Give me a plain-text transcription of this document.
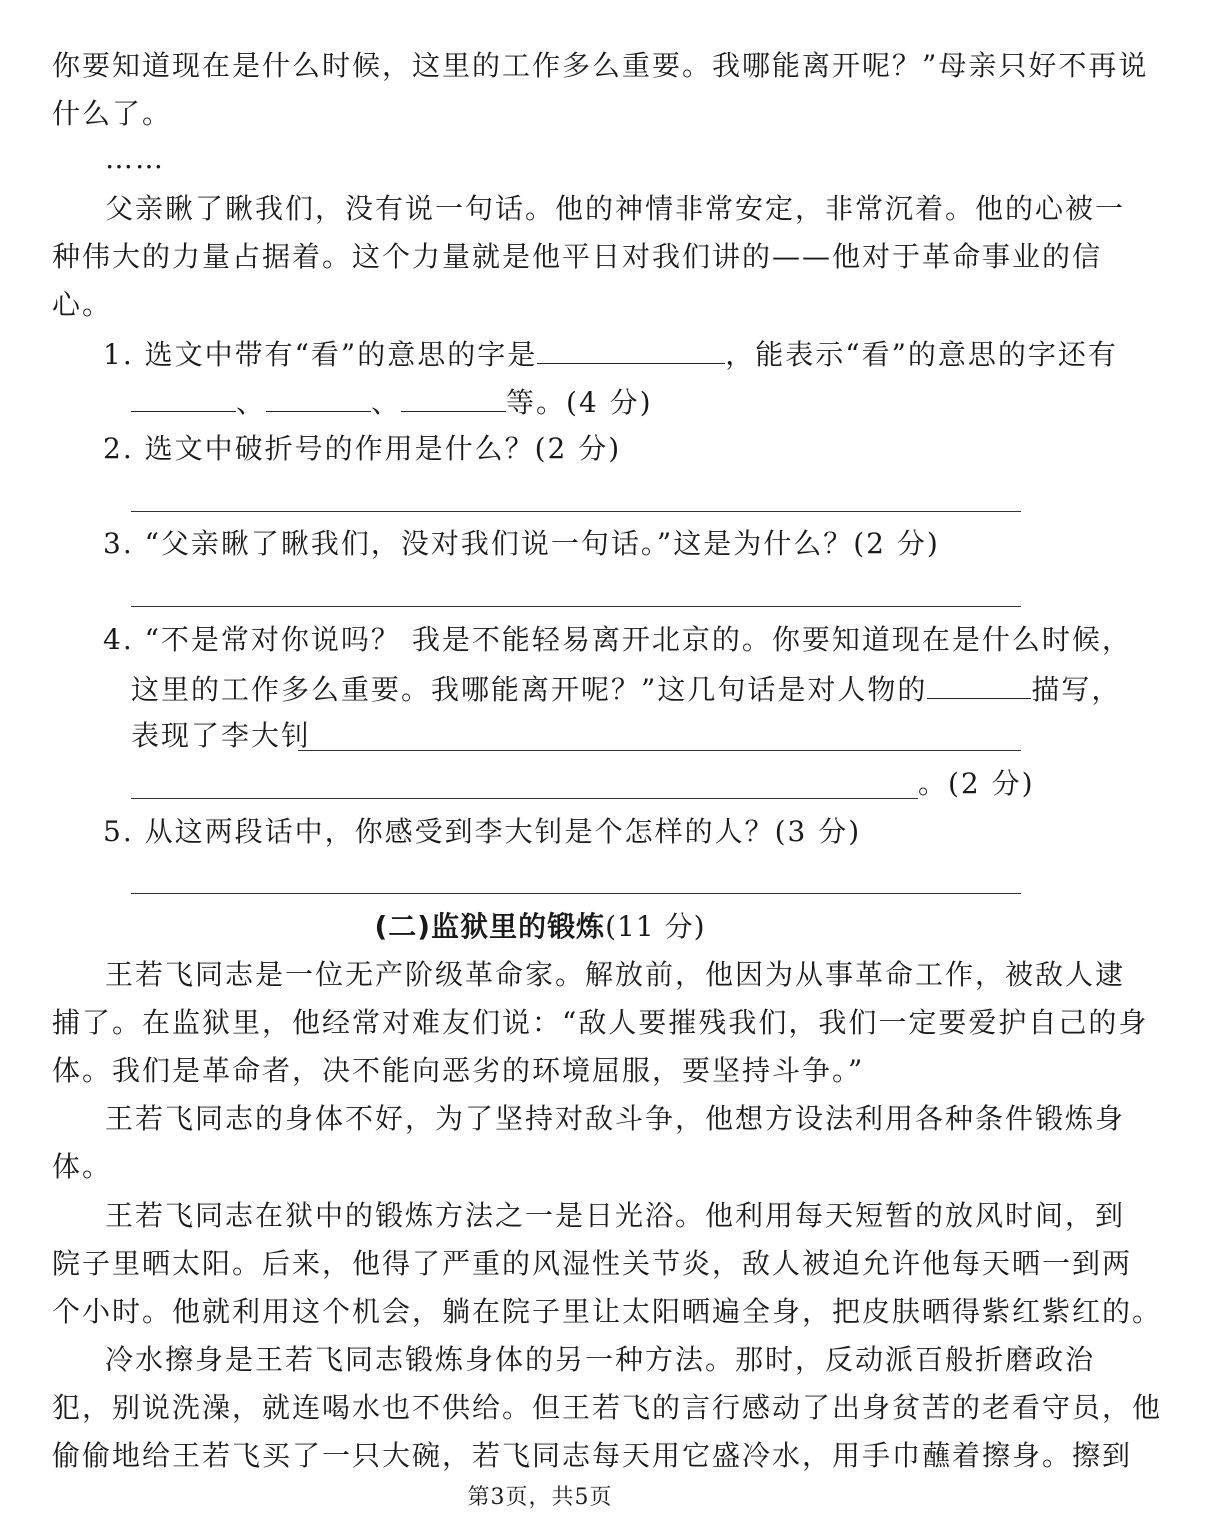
你要知道现在是什么时候，这里的工作多么重要。我哪能离开呢？”母亲只好不再说
什么了。
……
父亲瞅了瞅我们，没有说一句话。他的神情非常安定，非常沉着。他的心被一
种伟大的力量占据着。这个力量就是他平日对我们讲的——他对于革命事业的信
心。
1. 选文中带有“看”的意思的字是	，能表示“看”的意思的字还有
、	、	等。(4 分)
2. 选文中破折号的作用是什么？(2 分)
3. “父亲瞅了瞅我们，没对我们说一句话。”这是为什么？(2 分)
4. “不是常对你说吗？ 我是不能轻易离开北京的。你要知道现在是什么时候，
这里的工作多么重要。我哪能离开呢？”这几句话是对人物的	描写，
表现了李大钊
。(2 分)
5. 从这两段话中，你感受到李大钊是个怎样的人？(3 分)
(二)监狱里的锻炼(11 分)
王若飞同志是一位无产阶级革命家。解放前，他因为从事革命工作，被敌人逮
捕了。在监狱里，他经常对难友们说：“敌人要摧残我们，我们一定要爱护自己的身
体。我们是革命者，决不能向恶劣的环境屈服，要坚持斗争。”
王若飞同志的身体不好，为了坚持对敌斗争，他想方设法利用各种条件锻炼身
体。
王若飞同志在狱中的锻炼方法之一是日光浴。他利用每天短暂的放风时间，到
院子里晒太阳。后来，他得了严重的风湿性关节炎，敌人被迫允许他每天晒一到两
个小时。他就利用这个机会，躺在院子里让太阳晒遍全身，把皮肤晒得紫红紫红的。
冷水擦身是王若飞同志锻炼身体的另一种方法。那时，反动派百般折磨政治
犯，别说洗澡，就连喝水也不供给。但王若飞的言行感动了出身贫苦的老看守员，他
偷偷地给王若飞买了一只大碗，若飞同志每天用它盛冷水，用手巾蘸着擦身。擦到
第3页，共5页
